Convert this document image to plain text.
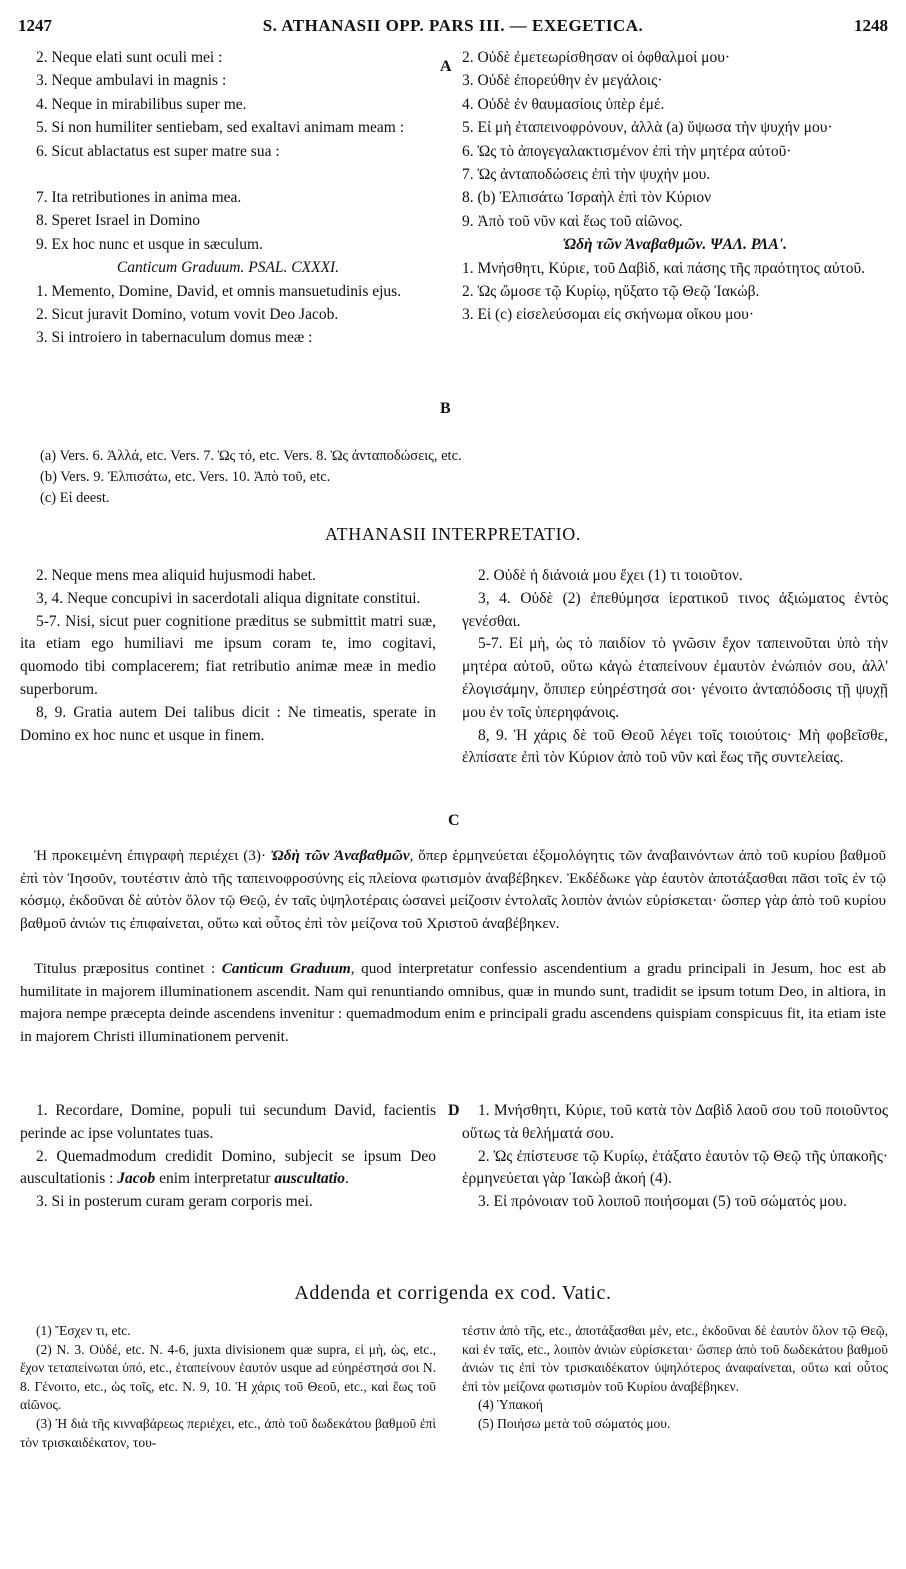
1247	S. ATHANASII OPP. PARS III. — EXEGETICA.	1248
2. Neque elati sunt oculi mei :
3. Neque ambulavi in magnis :
4. Neque in mirabilibus super me.
5. Si non humiliter sentiebam, sed exaltavi animam meam :
6. Sicut ablactatus est super matre sua :
7. Ita retributiones in anima mea.
8. Speret Israel in Domino
9. Ex hoc nunc et usque in sæculum.
Canticum Graduum. PSAL. CXXXI.
1. Memento, Domine, David, et omnis mansuetudinis ejus.
2. Sicut juravit Domino, votum vovit Deo Jacob.
3. Si introiero in tabernaculum domus meæ :
2. Οὐδὲ ἐμετεωρίσθησαν οἱ ὀφθαλμοί μου·
3. Οὐδὲ ἐπορεύθην ἐν μεγάλοις·
4. Οὐδὲ ἐν θαυμασίοις ὑπὲρ ἐμέ.
5. Εἰ μὴ ἐταπεινοφρόνουν, ἀλλὰ (a) ὕψωσα τὴν ψυχήν μου·
6. Ὡς τὸ ἀπογεγαλακτισμένον ἐπὶ τὴν μητέρα αὐτοῦ·
7. Ὡς ἀνταποδώσεις ἐπὶ τὴν ψυχήν μου.
8. (b) Ἐλπισάτω Ἰσραὴλ ἐπὶ τὸν Κύριον
9. Ἀπὸ τοῦ νῦν καὶ ἕως τοῦ αἰῶνος.
Ὠδὴ τῶν Ἀναβαθμῶν. ΨΑΛ. ΡΛΑ'.
1. Μνήσθητι, Κύριε, τοῦ Δαβὶδ, καὶ πάσης τῆς πραότητος αὐτοῦ.
2. Ὡς ὤμοσε τῷ Κυρίῳ, ηὔξατο τῷ Θεῷ Ἰακώβ.
3. Εἰ (c) εἰσελεύσομαι εἰς σκήνωμα οἴκου μου·
A
B
(a) Vers. 6. Ἀλλά, etc. Vers. 7. Ὡς τό, etc. Vers. 8. Ὡς ἀνταποδώσεις, etc.
(b) Vers. 9. Ἐλπισάτω, etc. Vers. 10. Ἀπὸ τοῦ, etc.
(c) Εἰ deest.
ATHANASII INTERPRETATIO.
2. Neque mens mea aliquid hujusmodi habet.
3, 4. Neque concupivi in sacerdotali aliqua dignitate constitui.
5-7. Nisi, sicut puer cognitione præditus se submittit matri suæ, ita etiam ego humiliavi me ipsum coram te, imo cogitavi, quomodo tibi complacerem; fiat retributio animæ meæ in medio superborum.
8, 9. Gratia autem Dei talibus dicit : Ne timeatis, sperate in Domino ex hoc nunc et usque in finem.
2. Οὐδὲ ἡ διάνοιά μου ἔχει (1) τι τοιοῦτον.
3, 4. Οὐδὲ (2) ἐπεθύμησα ἱερατικοῦ τινος ἀξιώματος ἐντὸς γενέσθαι.
5-7. Εἰ μὴ, ὡς τὸ παιδίον τὸ γνῶσιν ἔχον ταπεινοῦται ὑπὸ τὴν μητέρα αὐτοῦ, οὕτω κἀγὼ ἐταπείνουν ἐμαυτὸν ἐνώπιόν σου, ἀλλ' ἐλογισάμην, ὅπιπερ εὐηρέστησά σοι· γένοιτο ἀνταπόδοσις τῇ ψυχῇ μου ἐν τοῖς ὑπερηφάνοις.
8, 9. Ἡ χάρις δὲ τοῦ Θεοῦ λέγει τοῖς τοιούτοις· Μὴ φοβεῖσθε, ἐλπίσατε ἐπὶ τὸν Κύριον ἀπὸ τοῦ νῦν καὶ ἕως τῆς συντελείας.
C
Ἡ προκειμένη ἐπιγραφὴ περιέχει (3)· Ὠδὴ τῶν Ἀναβαθμῶν, ὅπερ ἑρμηνεύεται ἐξομολόγητις τῶν ἀναβαινόντων ἀπὸ τοῦ κυρίου βαθμοῦ ἐπὶ τὸν Ἰησοῦν, τουτέστιν ἀπὸ τῆς ταπεινοφροσύνης εἰς πλείονα φωτισμὸν ἀναβέβηκεν. Ἐκδέδωκε γὰρ ἑαυτὸν ἀποτάξασθαι πᾶσι τοῖς ἐν τῷ κόσμῳ, ἐκδοῦναι δὲ αὐτὸν ὅλον τῷ Θεῷ, ἐν ταῖς ὑψηλοτέραις ὡσανεὶ μείζοσιν ἐντολαῖς λοιπὸν ἀνιὼν εὑρίσκεται· ὥσπερ γὰρ ἀπὸ τοῦ κυρίου βαθμοῦ ἀνιών τις ἐπιφαίνεται, οὕτω καὶ οὗτος ἐπὶ τὸν μείζονα τοῦ Χριστοῦ ἀναβέβηκεν.
Titulus præpositus continet : Canticum Graduum, quod interpretatur confessio ascendentium a gradu principali in Jesum, hoc est ab humilitate in majorem illuminationem ascendit. Nam qui renuntiando omnibus, quæ in mundo sunt, tradidit se ipsum totum Deo, in altiora, in majora nempe præcepta deinde ascendens invenitur : quemadmodum enim e principali gradu ascendens quispiam conspicuus fit, ita etiam iste in majorem Christi illuminationem pervenit.
1. Recordare, Domine, populi tui secundum David, facientis perinde ac ipse voluntates tuas.
2. Quemadmodum credidit Domino, subjecit se ipsum Deo auscultationis : Jacob enim interpretatur auscultatio.
3. Si in posterum curam geram corporis mei.
1. Μνήσθητι, Κύριε, τοῦ κατὰ τὸν Δαβὶδ λαοῦ σου τοῦ ποιοῦντος οὕτως τὰ θελήματά σου.
2. Ὡς ἐπίστευσε τῷ Κυρίῳ, ἐτάξατο ἑαυτὸν τῷ Θεῷ τῆς ὑπακοῆς· ἑρμηνεύεται γὰρ Ἰακὼβ ἀκοή (4).
3. Εἰ πρόνοιαν τοῦ λοιποῦ ποιήσομαι (5) τοῦ σώματός μου.
D
Addenda et corrigenda ex cod. Vatic.
(1) Ἔσχεν τι, etc.
(2) N. 3. Οὐδέ, etc. N. 4-6, juxta divisionem quæ supra, εἰ μὴ, ὡς, etc., ἔχον τεταπείνωται ὑπό, etc., ἐταπείνουν ἑαυτόν usque ad εὐηρέστησά σοι N. 8. Γένοιτο, etc., ὡς τοῖς, etc. N. 9, 10. Ἡ χάρις τοῦ Θεοῦ, etc., καὶ ἕως τοῦ αἰῶνος.
(3) Ἡ διὰ τῆς κινναβάρεως περιέχει, etc., ἀπὸ τοῦ δωδεκάτου βαθμοῦ ἐπὶ τὸν τρισκαιδέκατον, του-
τέστιν ἀπὸ τῆς, etc., ἀποτάξασθαι μέν, etc., ἐκδοῦναι δὲ ἑαυτὸν ὅλον τῷ Θεῷ, καὶ ἐν ταῖς, etc., λοιπὸν ἀνιὼν εὑρίσκεται· ὥσπερ ἀπὸ τοῦ δωδεκάτου βαθμοῦ ἀνιών τις ἐπὶ τὸν τρισκαιδέκατον ὑψηλότερος ἀναφαίνεται, οὕτω καὶ οὗτος ἐπὶ τὸν μείζονα φωτισμὸν τοῦ Κυρίου ἀναβέβηκεν.
(4) Ὑπακοή
(5) Ποιήσω μετὰ τοῦ σώματός μου.
